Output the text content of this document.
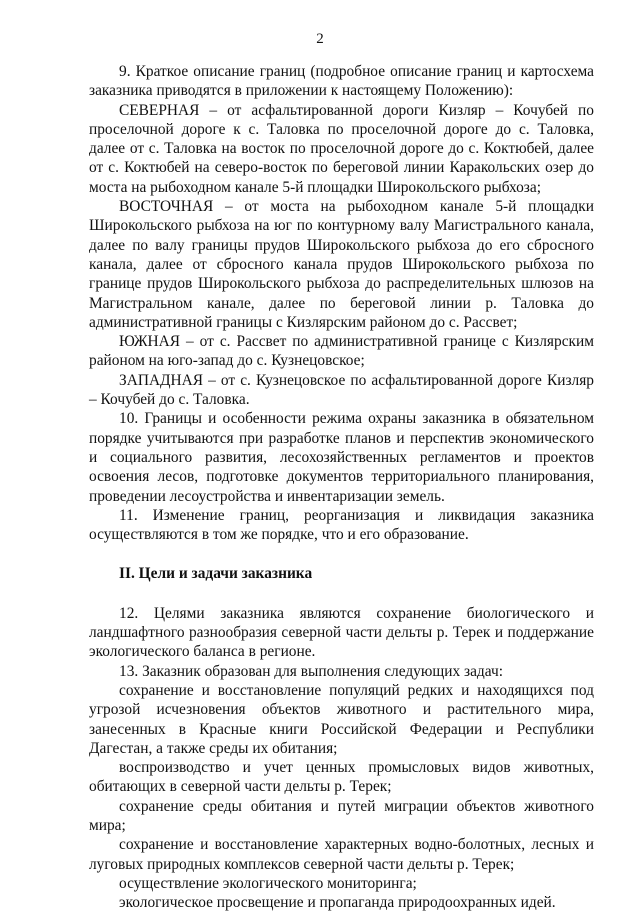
2

9. Краткое описание границ (подробное описание границ и картосхема заказника приводятся в приложении к настоящему Положению):

СЕВЕРНАЯ – от асфальтированной дороги Кизляр – Кочубей по проселочной дороге к с. Таловка по проселочной дороге до с. Таловка, далее от с. Таловка на восток по проселочной дороге до с. Коктюбей, далее от с. Коктюбей на северо-восток по береговой линии Каракольских озер до моста на рыбоходном канале 5-й площадки Широкольского рыбхоза;

ВОСТОЧНАЯ – от моста на рыбоходном канале 5-й площадки Широкольского рыбхоза на юг по контурному валу Магистрального канала, далее по валу границы прудов Широкольского рыбхоза до его сбросного канала, далее от сбросного канала прудов Широкольского рыбхоза по границе прудов Широкольского рыбхоза до распределительных шлюзов на Магистральном канале, далее по береговой линии р. Таловка до административной границы с Кизлярским районом до с. Рассвет;

ЮЖНАЯ – от с. Рассвет по административной границе с Кизлярским районом на юго-запад до с. Кузнецовское;

ЗАПАДНАЯ – от с. Кузнецовское по асфальтированной дороге Кизляр – Кочубей до с. Таловка.

10. Границы и особенности режима охраны заказника в обязательном порядке учитываются при разработке планов и перспектив экономического и социального развития, лесохозяйственных регламентов и проектов освоения лесов, подготовке документов территориального планирования, проведении лесоустройства и инвентаризации земель.

11. Изменение границ, реорганизация и ликвидация заказника осуществляются в том же порядке, что и его образование.

II. Цели и задачи заказника

12. Целями заказника являются сохранение биологического и ландшафтного разнообразия северной части дельты р. Терек и поддержание экологического баланса в регионе.

13. Заказник образован для выполнения следующих задач:

сохранение и восстановление популяций редких и находящихся под угрозой исчезновения объектов животного и растительного мира, занесенных в Красные книги Российской Федерации и Республики Дагестан, а также среды их обитания;

воспроизводство и учет ценных промысловых видов животных, обитающих в северной части дельты р. Терек;

сохранение среды обитания и путей миграции объектов животного мира;

сохранение и восстановление характерных водно-болотных, лесных и луговых природных комплексов северной части дельты р. Терек;

осуществление экологического мониторинга;

экологическое просвещение и пропаганда природоохранных идей.
